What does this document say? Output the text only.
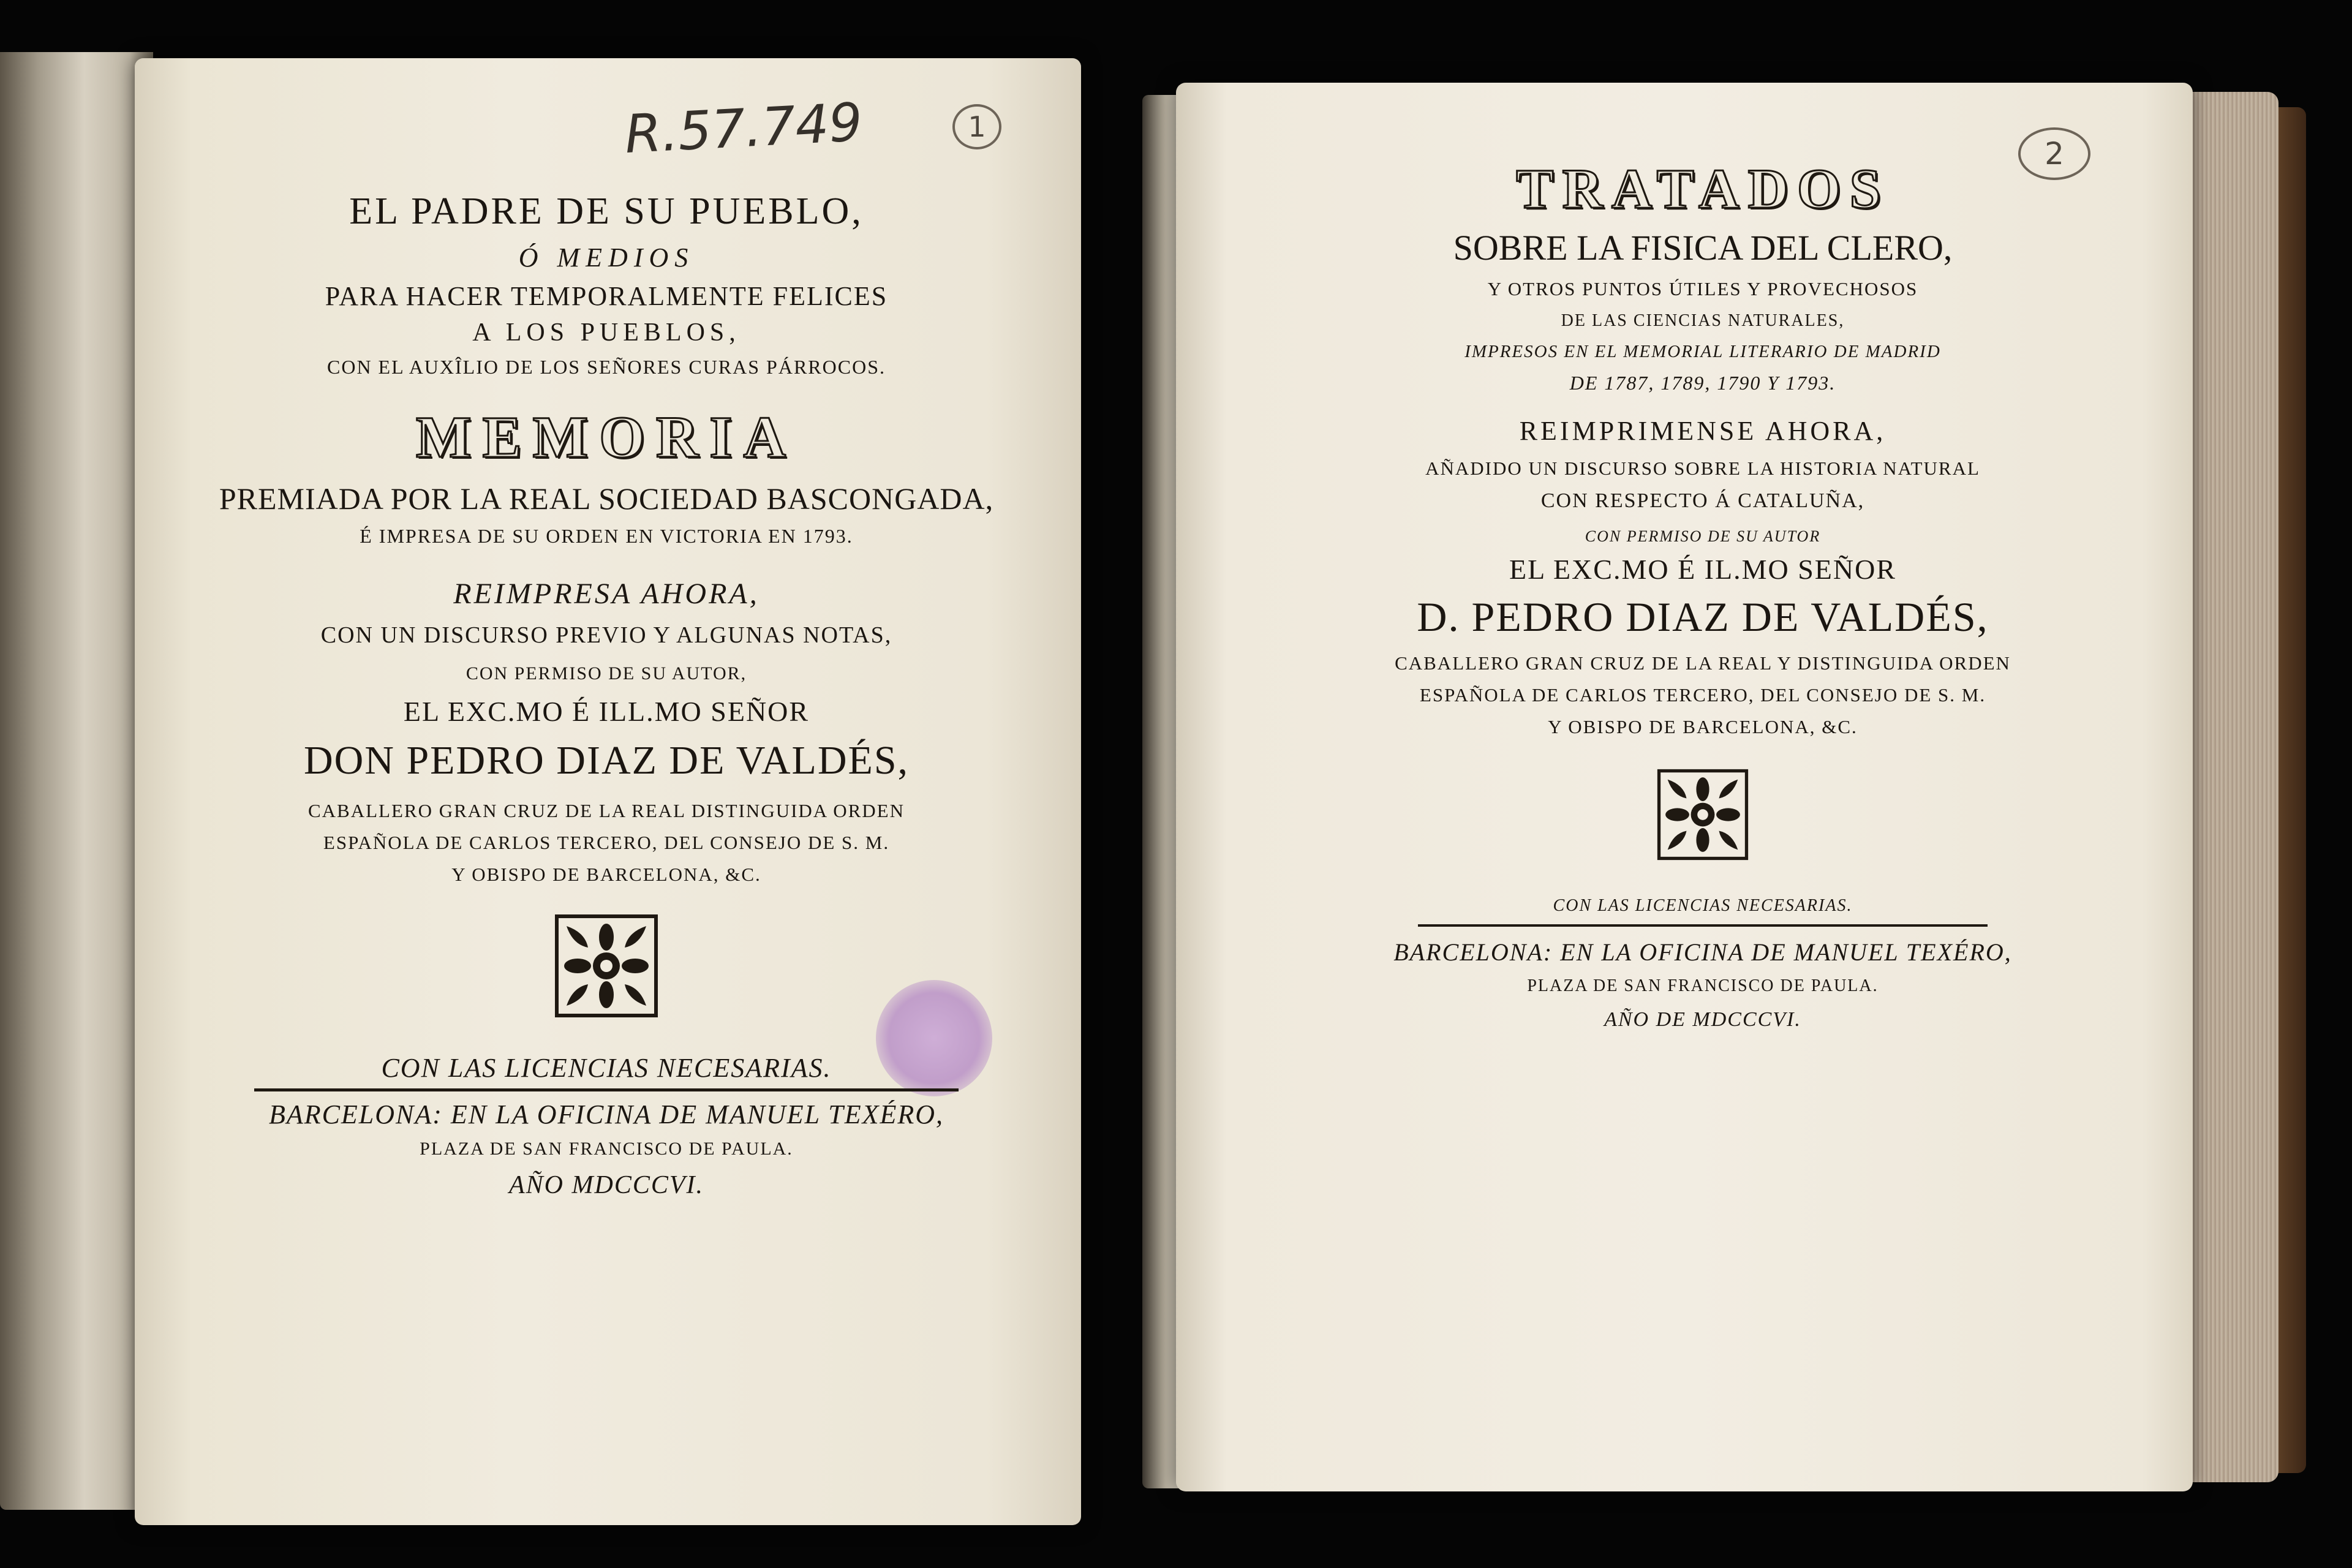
R.57.749	1
EL PADRE DE SU PUEBLO,
Ó MEDIOS
PARA HACER TEMPORALMENTE FELICES
A LOS PUEBLOS,
CON EL AUXÎLIO DE LOS SEÑORES CURAS PÁRROCOS.
MEMORIA
PREMIADA POR LA REAL SOCIEDAD BASCONGADA,
É IMPRESA DE SU ORDEN EN VICTORIA EN 1793.
REIMPRESA AHORA,
CON UN DISCURSO PREVIO Y ALGUNAS NOTAS,
CON PERMISO DE SU AUTOR,
EL EXC.MO É ILL.MO SEÑOR
DON PEDRO DIAZ DE VALDÉS,
CABALLERO GRAN CRUZ DE LA REAL DISTINGUIDA ORDEN
ESPAÑOLA DE CARLOS TERCERO, DEL CONSEJO DE S. M.
Y OBISPO DE BARCELONA, &C.
CON LAS LICENCIAS NECESARIAS.
BARCELONA: EN LA OFICINA DE MANUEL TEXÉRO,
PLAZA DE SAN FRANCISCO DE PAULA.
AÑO MDCCCVI.
2
TRATADOS
SOBRE LA FISICA DEL CLERO,
Y OTROS PUNTOS ÚTILES Y PROVECHOSOS
DE LAS CIENCIAS NATURALES,
IMPRESOS EN EL MEMORIAL LITERARIO DE MADRID
DE 1787, 1789, 1790 Y 1793.
REIMPRIMENSE AHORA,
AÑADIDO UN DISCURSO SOBRE LA HISTORIA NATURAL
CON RESPECTO Á CATALUÑA,
CON PERMISO DE SU AUTOR
EL EXC.MO É IL.MO SEÑOR
D. PEDRO DIAZ DE VALDÉS,
CABALLERO GRAN CRUZ DE LA REAL Y DISTINGUIDA ORDEN
ESPAÑOLA DE CARLOS TERCERO, DEL CONSEJO DE S. M.
Y OBISPO DE BARCELONA, &C.
CON LAS LICENCIAS NECESARIAS.
BARCELONA: EN LA OFICINA DE MANUEL TEXÉRO,
PLAZA DE SAN FRANCISCO DE PAULA.
AÑO DE MDCCCVI.
